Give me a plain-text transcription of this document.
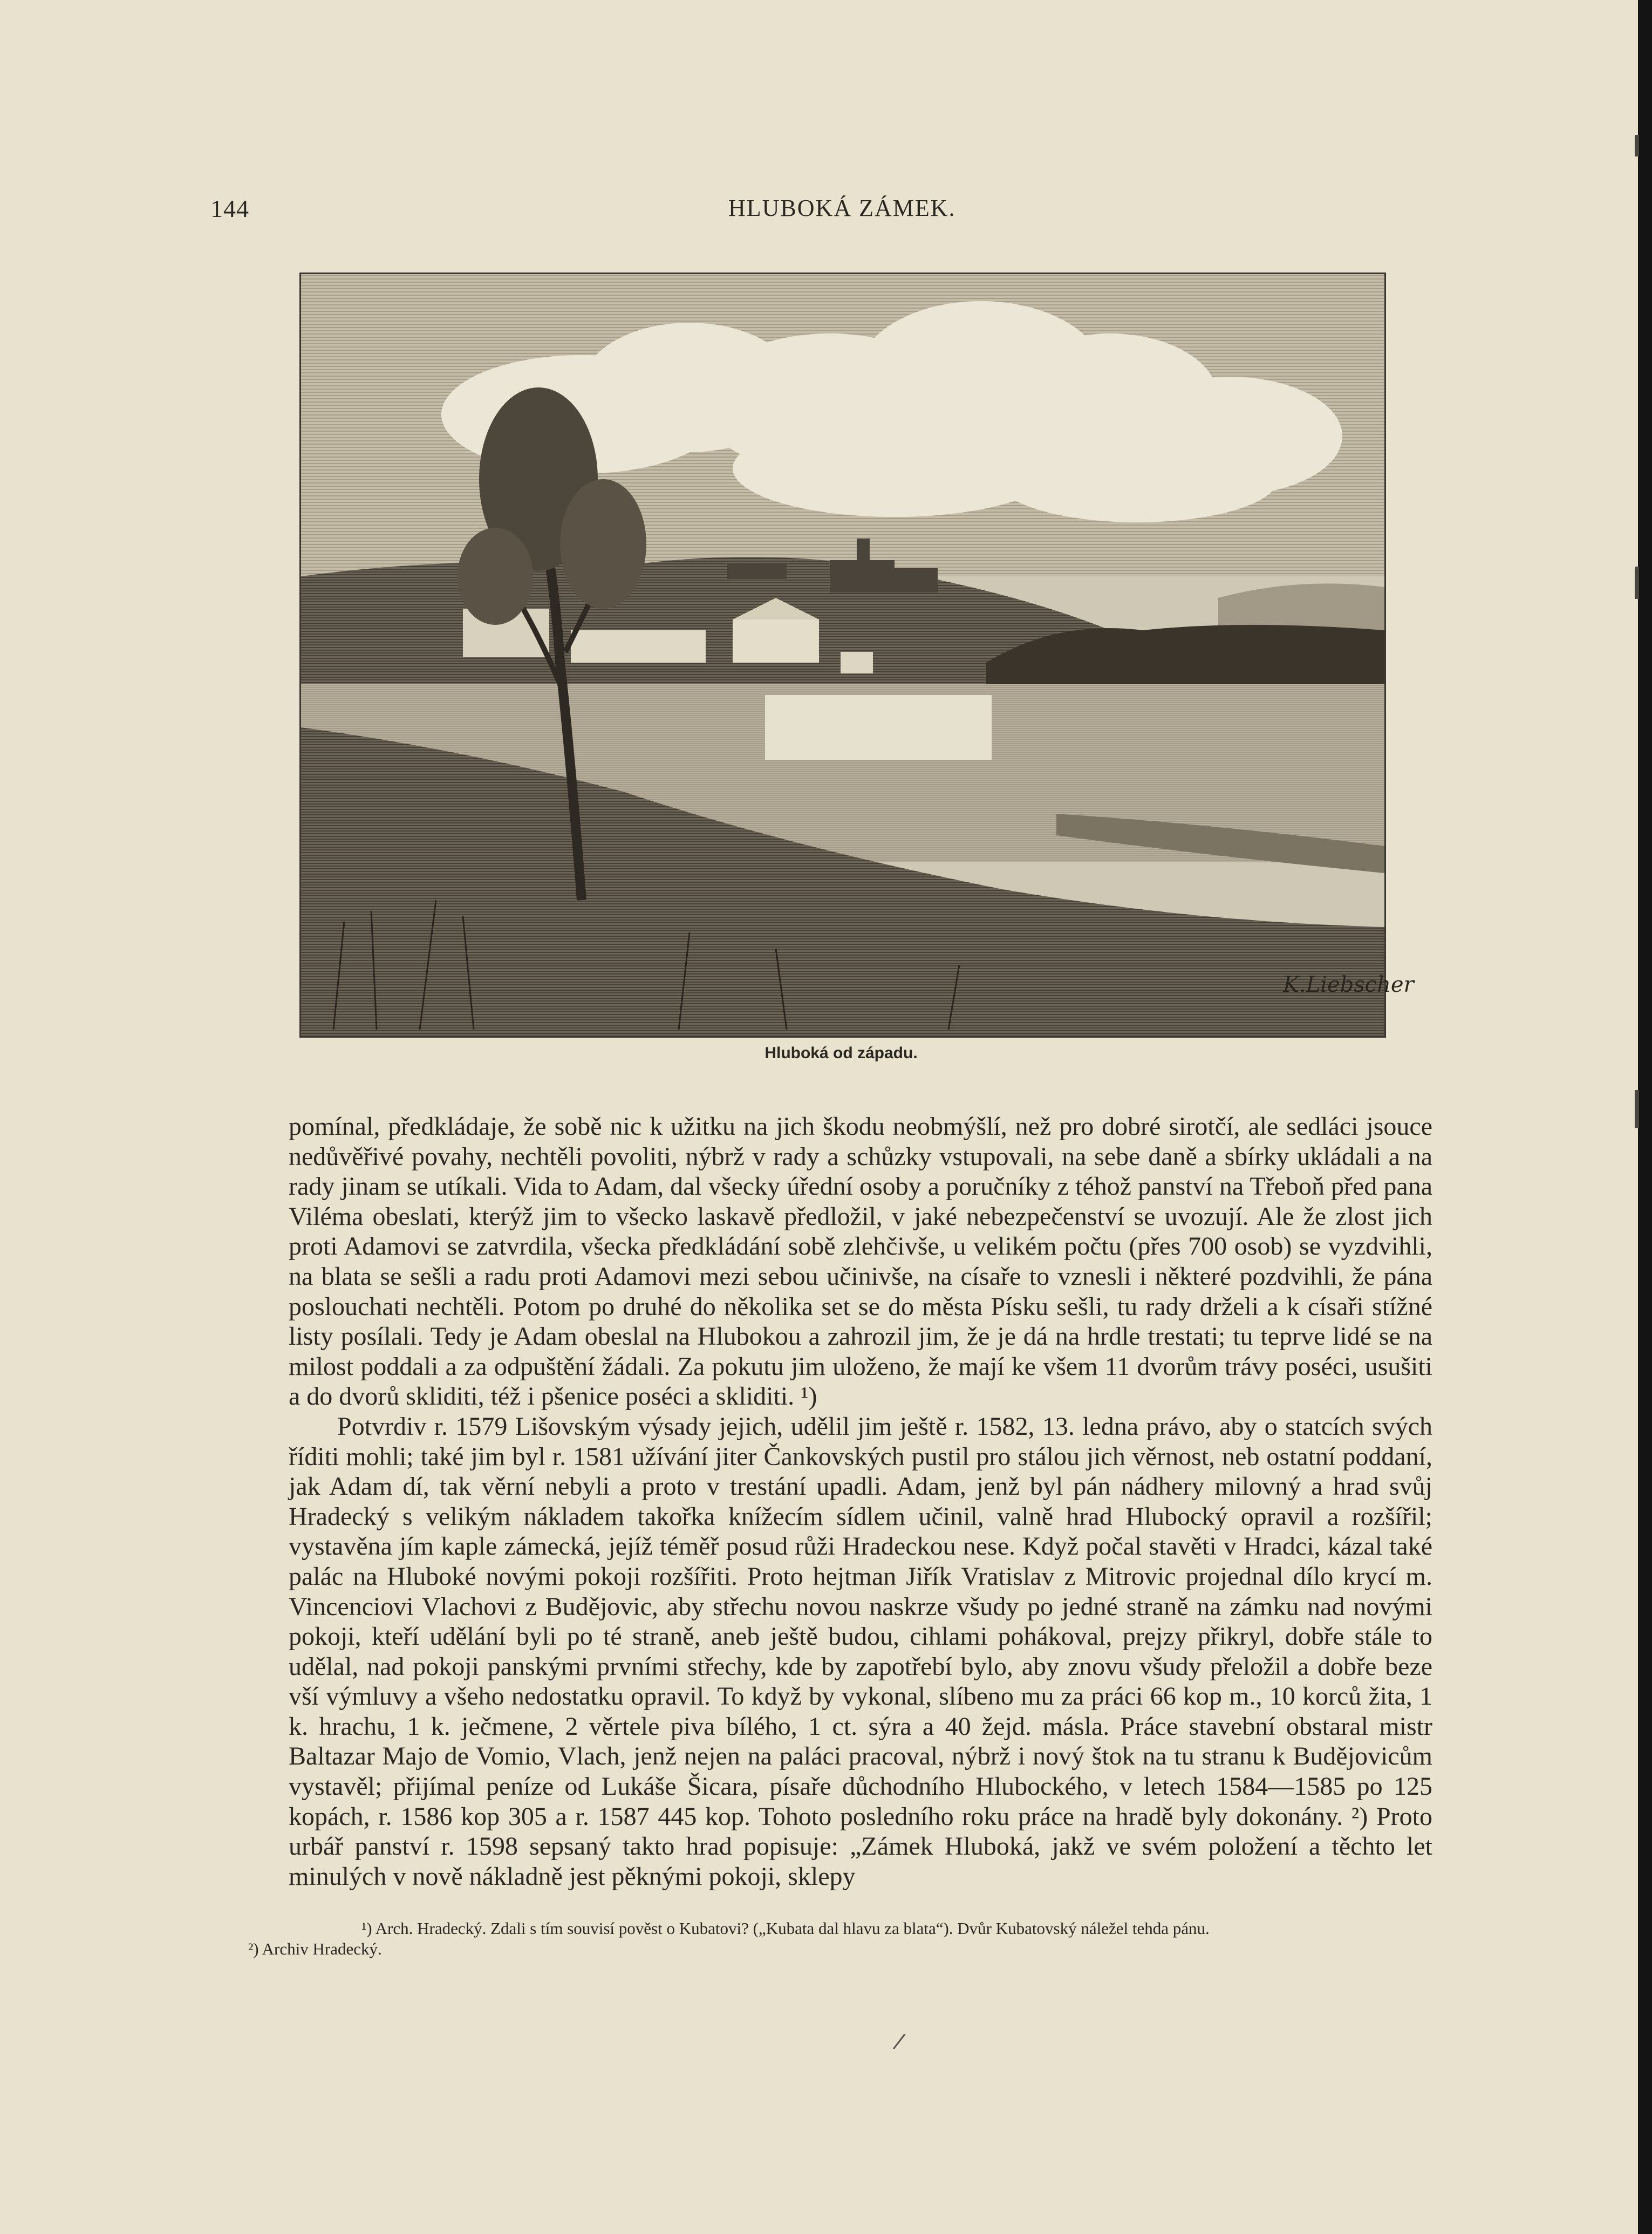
144	HLUBOKÁ ZÁMEK.
K.Liebscher
Hluboká od západu.

pomínal, předkládaje, že sobě nic k užitku na jich škodu neobmýšlí, než pro dobré sirotčí, ale sedláci jsouce nedůvěřivé povahy, nechtěli povoliti, nýbrž v rady a schůzky vstupovali, na sebe daně a sbírky ukládali a na rady jinam se utíkali. Vida to Adam, dal všecky úřední osoby a poručníky z téhož panství na Třeboň před pana Viléma obeslati, kterýž jim to všecko laskavě předložil, v jaké nebezpečenství se uvozují. Ale že zlost jich proti Adamovi se zatvrdila, všecka předkládání sobě zlehčivše, u velikém počtu (přes 700 osob) se vyzdvihli, na blata se sešli a radu proti Adamovi mezi sebou učinivše, na císaře to vznesli i některé pozdvihli, že pána poslouchati nechtěli. Potom po druhé do několika set se do města Písku sešli, tu rady drželi a k císaři stížné listy posílali. Tedy je Adam obeslal na Hlubokou a zahrozil jim, že je dá na hrdle trestati; tu teprve lidé se na milost poddali a za odpuštění žádali. Za pokutu jim uloženo, že mají ke všem 11 dvorům trávy poséci, usušiti a do dvorů skliditi, též i pšenice poséci a skliditi. ¹)

Potvrdiv r. 1579 Lišovským výsady jejich, udělil jim ještě r. 1582, 13. ledna právo, aby o statcích svých říditi mohli; také jim byl r. 1581 užívání jiter Čankovských pustil pro stálou jich věrnost, neb ostatní poddaní, jak Adam dí, tak věrní nebyli a proto v trestání upadli. Adam, jenž byl pán nádhery milovný a hrad svůj Hradecký s velikým nákladem takořka knížecím sídlem učinil, valně hrad Hlubocký opravil a rozšířil; vystavěna jím kaple zámecká, jejíž téměř posud růži Hradeckou nese. Když počal stavěti v Hradci, kázal také palác na Hluboké novými pokoji rozšířiti. Proto hejtman Jiřík Vratislav z Mitrovic projednal dílo krycí m. Vincenciovi Vlachovi z Budějovic, aby střechu novou naskrze všudy po jedné straně na zámku nad novými pokoji, kteří udělání byli po té straně, aneb ještě budou, cihlami pohákoval, prejzy přikryl, dobře stále to udělal, nad pokoji panskými prvními střechy, kde by zapotřebí bylo, aby znovu všudy přeložil a dobře beze vší výmluvy a všeho nedostatku opravil. To když by vykonal, slíbeno mu za práci 66 kop m., 10 korců žita, 1 k. hrachu, 1 k. ječmene, 2 věrtele piva bílého, 1 ct. sýra a 40 žejd. másla. Práce stavební obstaral mistr Baltazar Majo de Vomio, Vlach, jenž nejen na paláci pracoval, nýbrž i nový štok na tu stranu k Budějovicům vystavěl; přijímal peníze od Lukáše Šicara, písaře důchodního Hlubockého, v letech 1584—1585 po 125 kopách, r. 1586 kop 305 a r. 1587 445 kop. Tohoto posledního roku práce na hradě byly dokonány. ²) Proto urbář panství r. 1598 sepsaný takto hrad popisuje: „Zámek Hluboká, jakž ve svém položení a těchto let minulých v nově nákladně jest pěknými pokoji, sklepy

¹) Arch. Hradecký. Zdali s tím souvisí pověst o Kubatovi? („Kubata dal hlavu za blata“). Dvůr Kubatovský náležel tehda pánu.

²) Archiv Hradecký.

/
